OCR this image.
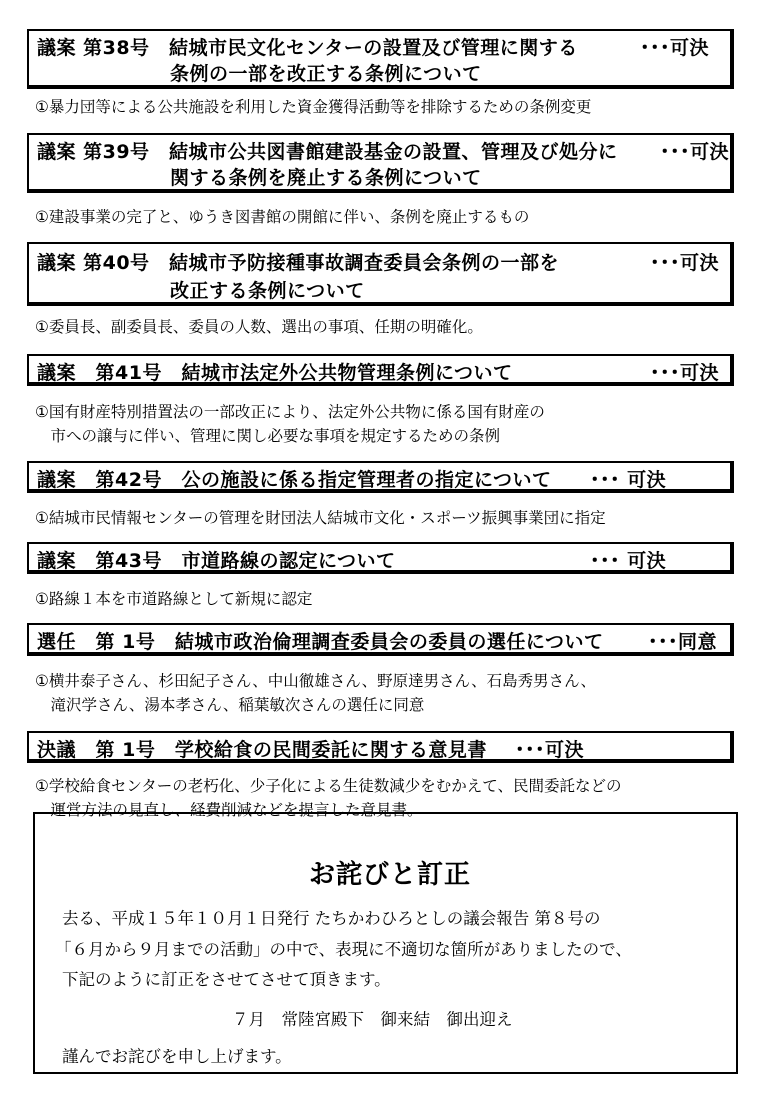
議案 第38号　結城市民文化センターの設置及び管理に関する
条例の一部を改正する条例について
･･･可決
①暴力団等による公共施設を利用した資金獲得活動等を排除するための条例変更
議案 第39号　結城市公共図書館建設基金の設置、管理及び処分に
関する条例を廃止する条例について
･･･可決
①建設事業の完了と、ゆうき図書館の開館に伴い、条例を廃止するもの
議案 第40号　結城市予防接種事故調査委員会条例の一部を
改正する条例について
･･･可決
①委員長、副委員長、委員の人数、選出の事項、任期の明確化。
議案　第41号　結城市法定外公共物管理条例について	･･･可決
①国有財産特別措置法の一部改正により、法定外公共物に係る国有財産の
　市への譲与に伴い、管理に関し必要な事項を規定するための条例
議案　第42号　公の施設に係る指定管理者の指定について ･･･ 可決
①結城市民情報センターの管理を財団法人結城市文化・スポーツ振興事業団に指定
議案　第43号　市道路線の認定について	･･･ 可決
①路線１本を市道路線として新規に認定
選任　第 1号　結城市政治倫理調査委員会の委員の選任について ･･･同意
①横井泰子さん、杉田紀子さん、中山徹雄さん、野原達男さん、石島秀男さん、
　滝沢学さん、湯本孝さん、稲葉敏次さんの選任に同意
決議　第 1号　学校給食の民間委託に関する意見書 ･･･可決
①学校給食センターの老朽化、少子化による生徒数減少をむかえて、民間委託などの
　運営方法の見直し、経費削減などを提言した意見書。
お詫びと訂正
去る、平成１５年１０月１日発行 たちかわひろとしの議会報告 第８号の
「６月から９月までの活動」の中で、表現に不適切な箇所がありましたので、
下記のように訂正をさせてさせて頂きます。
７月　常陸宮殿下　御来結　御出迎え
謹んでお詫びを申し上げます。
